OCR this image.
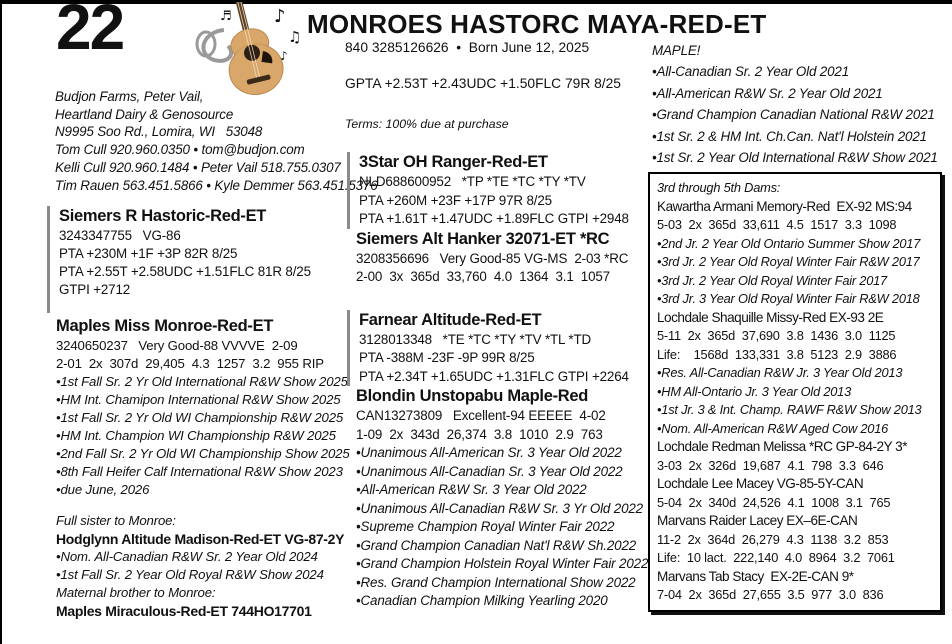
22	♪
♫
♪
♬	MONROES HASTORC MAYA-RED-ET
840 3285126626  •  Born June 12, 2025
GPTA +2.53T +2.43UDC +1.50FLC 79R 8/25
Terms: 100% due at purchase
Budjon Farms, Peter Vail,
Heartland Dairy & Genosource
N9995 Soo Rd., Lomira, WI   53048
Tom Cull 920.960.0350 • tom@budjon.com
Kelli Cull 920.960.1484 • Peter Vail 518.755.0307
Tim Rauen 563.451.5866 • Kyle Demmer 563.451.5376
Siemers R Hastoric-Red-ET
3243347755   VG-86
PTA +230M +1F +3P 82R 8/25
PTA +2.55T +2.58UDC +1.51FLC 81R 8/25
GTPI +2712
Maples Miss Monroe-Red-ET
3240650237   Very Good-88 VVVVE  2-09
2-01  2x  307d  29,405  4.3  1257  3.2  955 RIP
•1st Fall Sr. 2 Yr Old International R&W Show 2025
•HM Int. Chamipon International R&W Show 2025
•1st Fall Sr. 2 Yr Old WI Championship R&W 2025
•HM Int. Champion WI Championship R&W 2025
•2nd Fall Sr. 2 Yr Old WI Championship Show 2025
•8th Fall Heifer Calf International R&W Show 2023
•due June, 2026
Full sister to Monroe:
Hodglynn Altitude Madison-Red-ET VG-87-2Y
•Nom. All-Canadian R&W Sr. 2 Year Old 2024
•1st Fall Sr. 2 Year Old Royal R&W Show 2024
Maternal brother to Monroe:
Maples Miraculous-Red-ET 744HO17701
3Star OH Ranger-Red-ET
NLD688600952   *TP *TE *TC *TY *TV
PTA +260M +23F +17P 97R 8/25
PTA +1.61T +1.47UDC +1.89FLC GTPI +2948
Siemers Alt Hanker 32071-ET *RC
3208356696   Very Good-85 VG-MS  2-03 *RC
2-00  3x  365d  33,760  4.0  1364  3.1  1057
Farnear Altitude-Red-ET
3128013348   *TE *TC *TY *TV *TL *TD
PTA -388M -23F -9P 99R 8/25
PTA +2.34T +1.65UDC +1.31FLC GTPI +2264
Blondin Unstopabu Maple-Red
CAN13273809   Excellent-94 EEEEE  4-02
1-09  2x  343d  26,374  3.8  1010  2.9  763
•Unanimous All-American Sr. 3 Year Old 2022
•Unanimous All-Canadian Sr. 3 Year Old 2022
•All-American R&W Sr. 3 Year Old 2022
•Unanimous All-Canadian R&W Sr. 3 Yr Old 2022
•Supreme Champion Royal Winter Fair 2022
•Grand Champion Canadian Nat'l R&W Sh.2022
•Grand Champion Holstein Royal Winter Fair 2022
•Res. Grand Champion International Show 2022
•Canadian Champion Milking Yearling 2020
MAPLE!
•All-Canadian Sr. 2 Year Old 2021
•All-American R&W Sr. 2 Year Old 2021
•Grand Champion Canadian National R&W 2021
•1st Sr. 2 & HM Int. Ch.Can. Nat'l Holstein 2021
•1st Sr. 2 Year Old International R&W Show 2021
3rd through 5th Dams:
Kawartha Armani Memory-Red  EX-92 MS:94
5-03  2x  365d  33,611  4.5  1517  3.3  1098
•2nd Jr. 2 Year Old Ontario Summer Show 2017
•3rd Jr. 2 Year Old Royal Winter Fair R&W 2017
•3rd Jr. 2 Year Old Royal Winter Fair 2017
•3rd Jr. 3 Year Old Royal Winter Fair R&W 2018
Lochdale Shaquille Missy-Red EX-93 2E
5-11  2x  365d  37,690  3.8  1436  3.0  1125
Life:    1568d  133,331  3.8  5123  2.9  3886
•Res. All-Canadian R&W Jr. 3 Year Old 2013
•HM All-Ontario Jr. 3 Year Old 2013
•1st Jr. 3 & Int. Champ. RAWF R&W Show 2013
•Nom. All-American R&W Aged Cow 2016
Lochdale Redman Melissa *RC GP-84-2Y 3*
3-03  2x  326d  19,687  4.1  798  3.3  646
Lochdale Lee Macey VG-85-5Y-CAN
5-04  2x  340d  24,526  4.1  1008  3.1  765
Marvans Raider Lacey EX–6E-CAN
11-2  2x  364d  26,279  4.3  1138  3.2  853
Life:  10 lact.  222,140  4.0  8964  3.2  7061
Marvans Tab Stacy  EX-2E-CAN 9*
7-04  2x  365d  27,655  3.5  977  3.0  836
